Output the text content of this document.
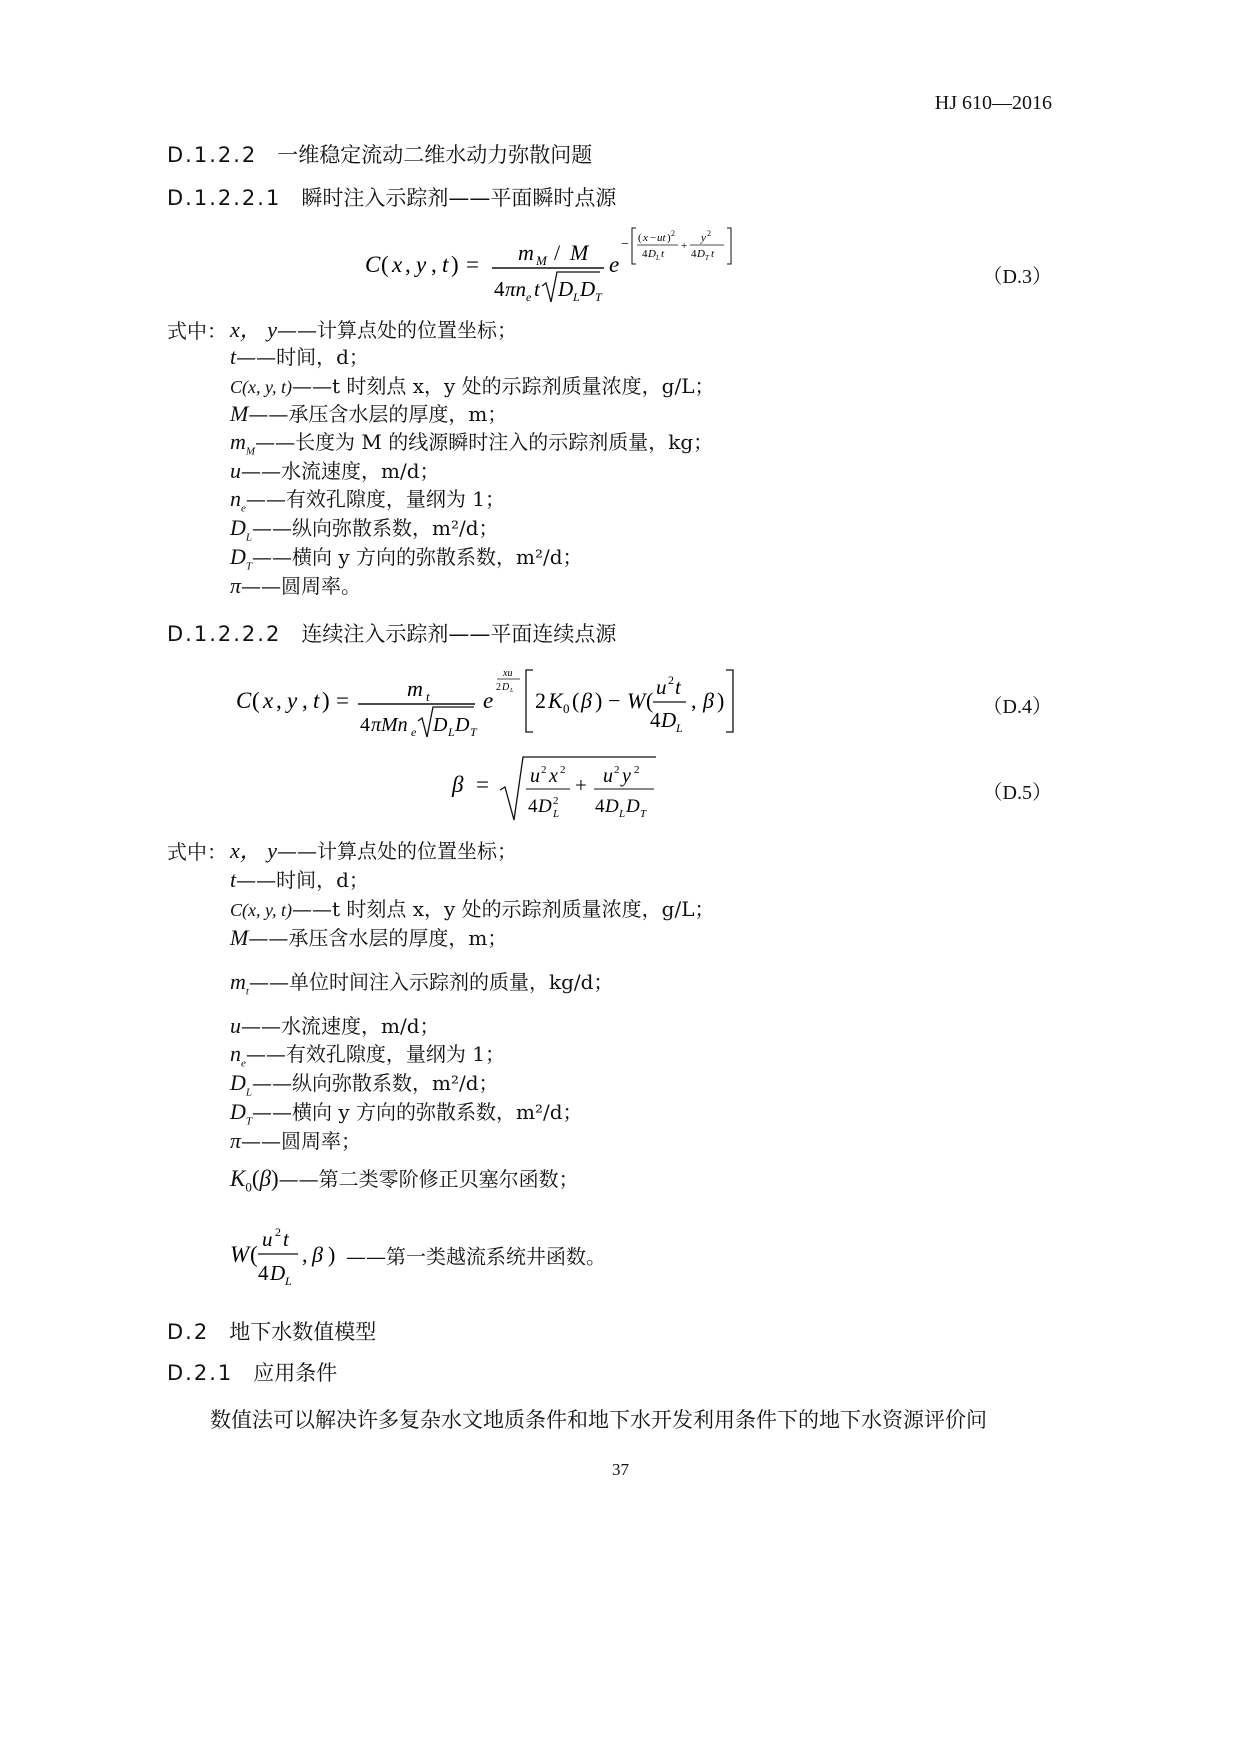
HJ 610—2016
D.1.2.2 一维稳定流动二维水动力弥散问题
D.1.2.2.1 瞬时注入示踪剂——平面瞬时点源
C ( x , y , t ) = m M / M
4 πn e t D L D T
e
− ( x − ut ) 2
4 D L t
+
y 2
4 D T t
（D.3）
式中： x， y——计算点处的位置坐标；
t——时间，d；
C(x, y, t)——t 时刻点 x，y 处的示踪剂质量浓度，g/L；
M——承压含水层的厚度，m；
$m_M——$长度为 M 的线源瞬时注入的示踪剂质量，kg；
u——水流速度，m/d；
$n_e——$有效孔隙度，量纲为 1；
$D_L——$纵向弥散系数，m²/d；
$D_T——$横向 y 方向的弥散系数，m²/d；
π——圆周率。
D.1.2.2.2 连续注入示踪剂——平面连续点源
C ( x , y , t ) =	m t
4 πMn e D L D T
e
xu
2 D L 2 K 0 ( β ) − W (
u 2 t
4 D L
, β )	（D.4）
β = u 2 x 2
4 D 2
L
+ u 2 y 2
4 D L D T
（D.5）
式中： x， y——计算点处的位置坐标；
t——时间，d；
C(x, y, t)——t 时刻点 x，y 处的示踪剂质量浓度，g/L；
M——承压含水层的厚度，m；
$m_t——$单位时间注入示踪剂的质量，kg/d；
u——水流速度，m/d；
$n_e——$有效孔隙度，量纲为 1；
$D_L——$纵向弥散系数，m²/d；
$D_T——$横向 y 方向的弥散系数，m²/d；
π——圆周率；
$K_0(\beta)——$第二类零阶修正贝塞尔函数；
W (
u 2 t
4 D L
, β ) ——第一类越流系统井函数。
D.2 地下水数值模型
D.2.1 应用条件
数值法可以解决许多复杂水文地质条件和地下水开发利用条件下的地下水资源评价问
37
